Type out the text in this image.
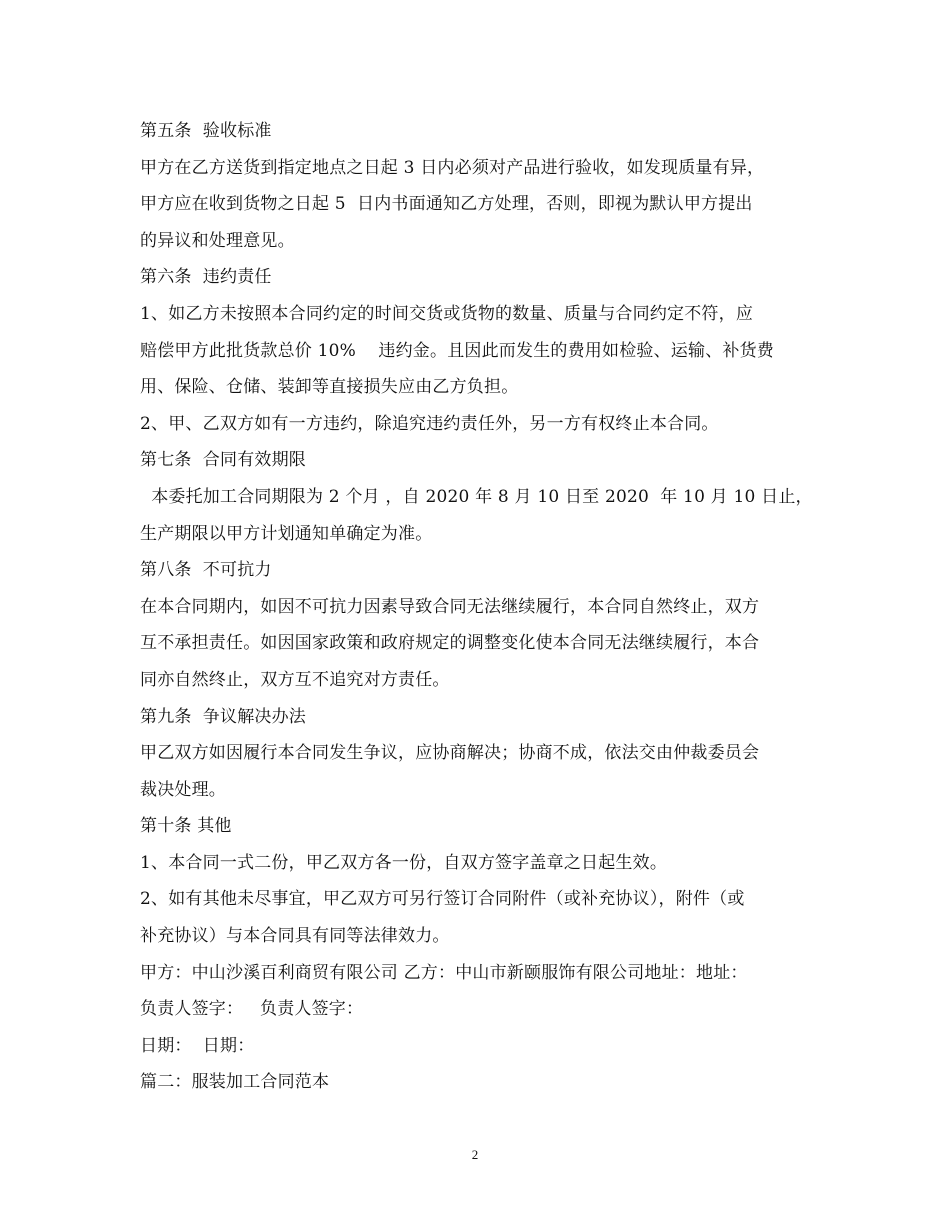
第五条  验收标准
甲方在乙方送货到指定地点之日起 3 日内必须对产品进行验收，如发现质量有异，
甲方应在收到货物之日起 5  日内书面通知乙方处理，否则，即视为默认甲方提出
的异议和处理意见。
第六条  违约责任
1、如乙方未按照本合同约定的时间交货或货物的数量、质量与合同约定不符，应
赔偿甲方此批货款总价 10%    违约金。且因此而发生的费用如检验、运输、补货费
用、保险、仓储、装卸等直接损失应由乙方负担。
2、甲、乙双方如有一方违约，除追究违约责任外，另一方有权终止本合同。
第七条  合同有效期限
本委托加工合同期限为 2 个月 ，自 2020 年 8 月 10 日至 2020  年 10 月 10 日止，
生产期限以甲方计划通知单确定为准。
第八条  不可抗力
在本合同期内，如因不可抗力因素导致合同无法继续履行，本合同自然终止，双方
互不承担责任。如因国家政策和政府规定的调整变化使本合同无法继续履行，本合
同亦自然终止，双方互不追究对方责任。
第九条  争议解决办法
甲乙双方如因履行本合同发生争议，应协商解决；协商不成，依法交由仲裁委员会
裁决处理。
第十条 其他
1、本合同一式二份，甲乙双方各一份，自双方签字盖章之日起生效。
2、如有其他未尽事宜，甲乙双方可另行签订合同附件（或补充协议），附件（或
补充协议）与本合同具有同等法律效力。
甲方：中山沙溪百利商贸有限公司 乙方：中山市新颐服饰有限公司地址：地址：
负责人签字：   负责人签字：
日期：  日期：
篇二：服装加工合同范本
2
